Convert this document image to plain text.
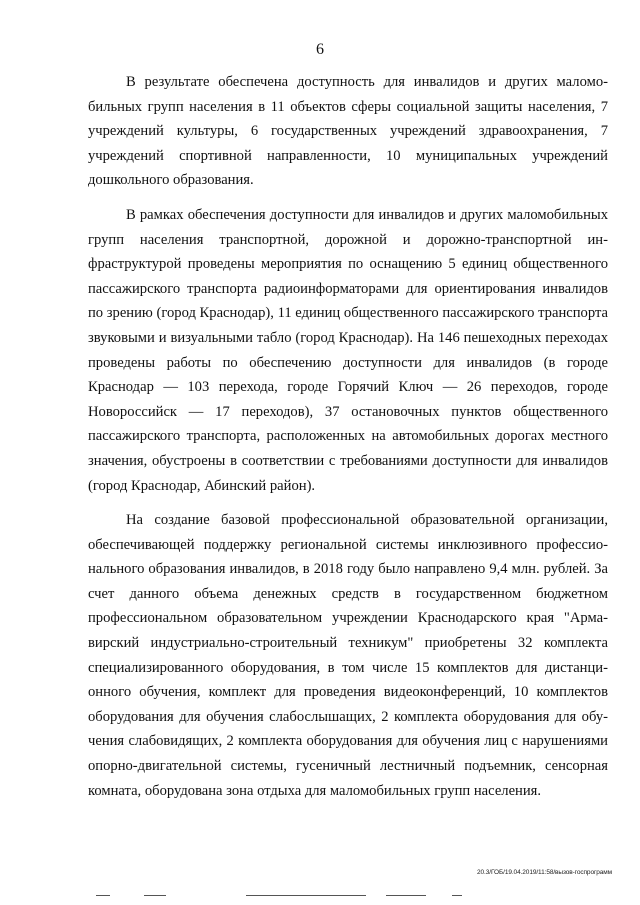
6

В результате обеспечена доступность для инвалидов и других маломобильных групп населения в 11 объектов сферы социальной защиты населения, 7 учреждений культуры, 6 государственных учреждений здравоохранения, 7 учреждений спортивной направленности, 10 муниципальных учреждений дошкольного образования.

В рамках обеспечения доступности для инвалидов и других маломобильных групп населения транспортной, дорожной и дорожно-транспортной инфраструктурой проведены мероприятия по оснащению 5 единиц общественного пассажирского транспорта радиоинформаторами для ориентирования инвалидов по зрению (город Краснодар), 11 единиц общественного пассажирского транспорта звуковыми и визуальными табло (город Краснодар). На 146 пешеходных переходах проведены работы по обеспечению доступности для инвалидов (в городе Краснодар — 103 перехода, городе Горячий Ключ — 26 переходов, городе Новороссийск — 17 переходов), 37 остановочных пунктов общественного пассажирского транспорта, расположенных на автомобильных дорогах местного значения, обустроены в соответствии с требованиями доступности для инвалидов (город Краснодар, Абинский район).

На создание базовой профессиональной образовательной организации, обеспечивающей поддержку региональной системы инклюзивного профессионального образования инвалидов, в 2018 году было направлено 9,4 млн. рублей. За счет данного объема денежных средств в государственном бюджетном профессиональном образовательном учреждении Краснодарского края "Армавирский индустриально-строительный техникум" приобретены 32 комплекта специализированного оборудования, в том числе 15 комплектов для дистанционного обучения, комплект для проведения видеоконференций, 10 комплектов оборудования для обучения слабослышащих, 2 комплекта оборудования для обучения слабовидящих, 2 комплекта оборудования для обучения лиц с нарушениями опорно-двигательной системы, гусеничный лестничный подъемник, сенсорная комната, оборудована зона отдыха для маломобильных групп населения.

20.3/ГОБ/19.04.2019/11:58/вызов-госпрограмм
